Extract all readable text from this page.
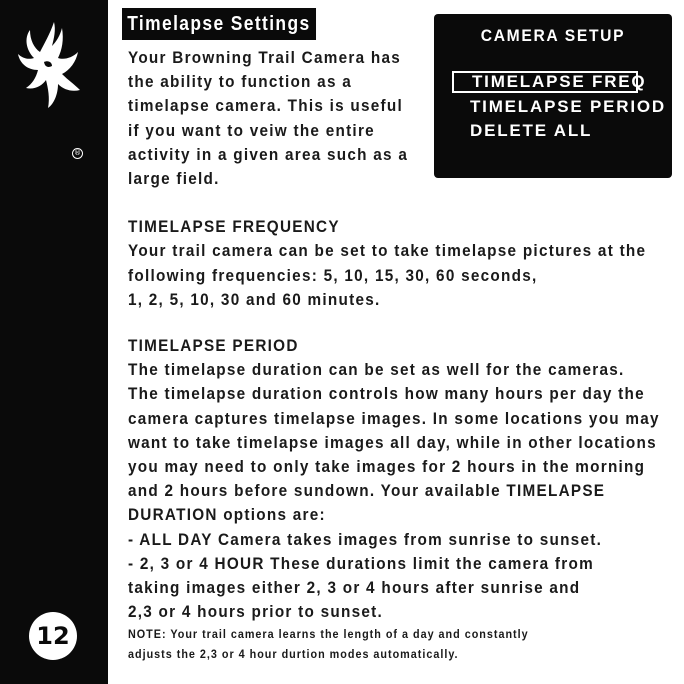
®
12
Timelapse Settings
CAMERA SETUP
TIMELAPSE FREQ
TIMELAPSE PERIOD
DELETE ALL
Your Browning Trail Camera has
the ability to function as a
timelapse camera. This is useful
if you want to veiw the entire
activity in a given area such as a
large field.
TIMELAPSE FREQUENCY
Your trail camera can be set to take timelapse pictures at the
following frequencies: 5, 10, 15, 30, 60 seconds,
1, 2, 5, 10, 30 and 60 minutes.
TIMELAPSE PERIOD
The timelapse duration can be set as well for the cameras.
The timelapse duration controls how many hours per day the
camera captures timelapse images. In some locations you may
want to take timelapse images all day, while in other locations
you may need to only take images for 2 hours in the morning
and 2 hours before sundown. Your available TIMELAPSE
DURATION options are:
- ALL DAY Camera takes images from sunrise to sunset.
- 2, 3 or 4 HOUR These durations limit the camera from
taking images either 2, 3 or 4 hours after sunrise and
2,3 or 4 hours prior to sunset.
NOTE: Your trail camera learns the length of a day and constantly
adjusts the 2,3 or 4 hour durtion modes automatically.
